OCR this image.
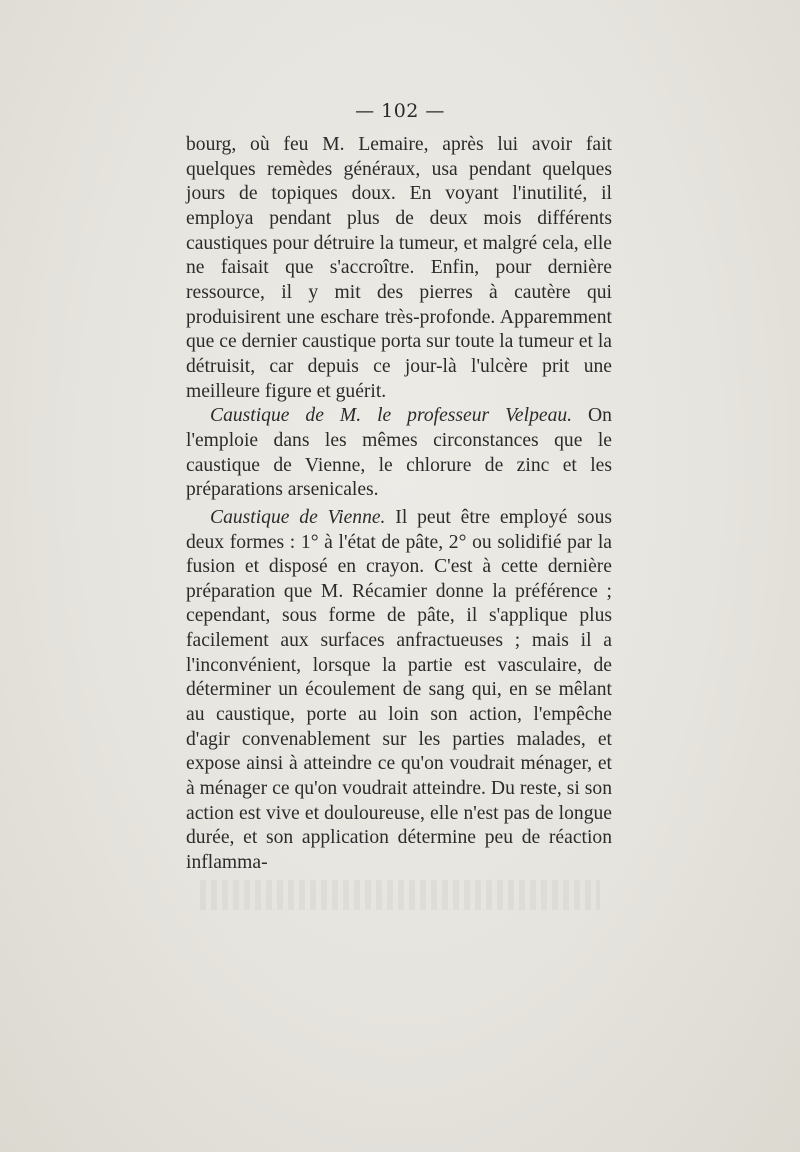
— 102 —

bourg, où feu M. Lemaire, après lui avoir fait quelques remèdes généraux, usa pendant quelques jours de topiques doux. En voyant l'inutilité, il employa pendant plus de deux mois différents caustiques pour détruire la tumeur, et malgré cela, elle ne faisait que s'accroître. Enfin, pour dernière ressource, il y mit des pierres à cautère qui produisirent une eschare très-profonde. Apparemment que ce dernier caustique porta sur toute la tumeur et la détruisit, car depuis ce jour-là l'ulcère prit une meilleure figure et guérit.

Caustique de M. le professeur Velpeau. On l'emploie dans les mêmes circonstances que le caustique de Vienne, le chlorure de zinc et les préparations arsenicales.

Caustique de Vienne. Il peut être employé sous deux formes : 1° à l'état de pâte, 2° ou solidifié par la fusion et disposé en crayon. C'est à cette dernière préparation que M. Récamier donne la préférence ; cependant, sous forme de pâte, il s'applique plus facilement aux surfaces anfractueuses ; mais il a l'inconvénient, lorsque la partie est vasculaire, de déterminer un écoulement de sang qui, en se mêlant au caustique, porte au loin son action, l'empêche d'agir convenablement sur les parties malades, et expose ainsi à atteindre ce qu'on voudrait ménager, et à ménager ce qu'on voudrait atteindre. Du reste, si son action est vive et douloureuse, elle n'est pas de longue durée, et son application détermine peu de réaction inflamma-
